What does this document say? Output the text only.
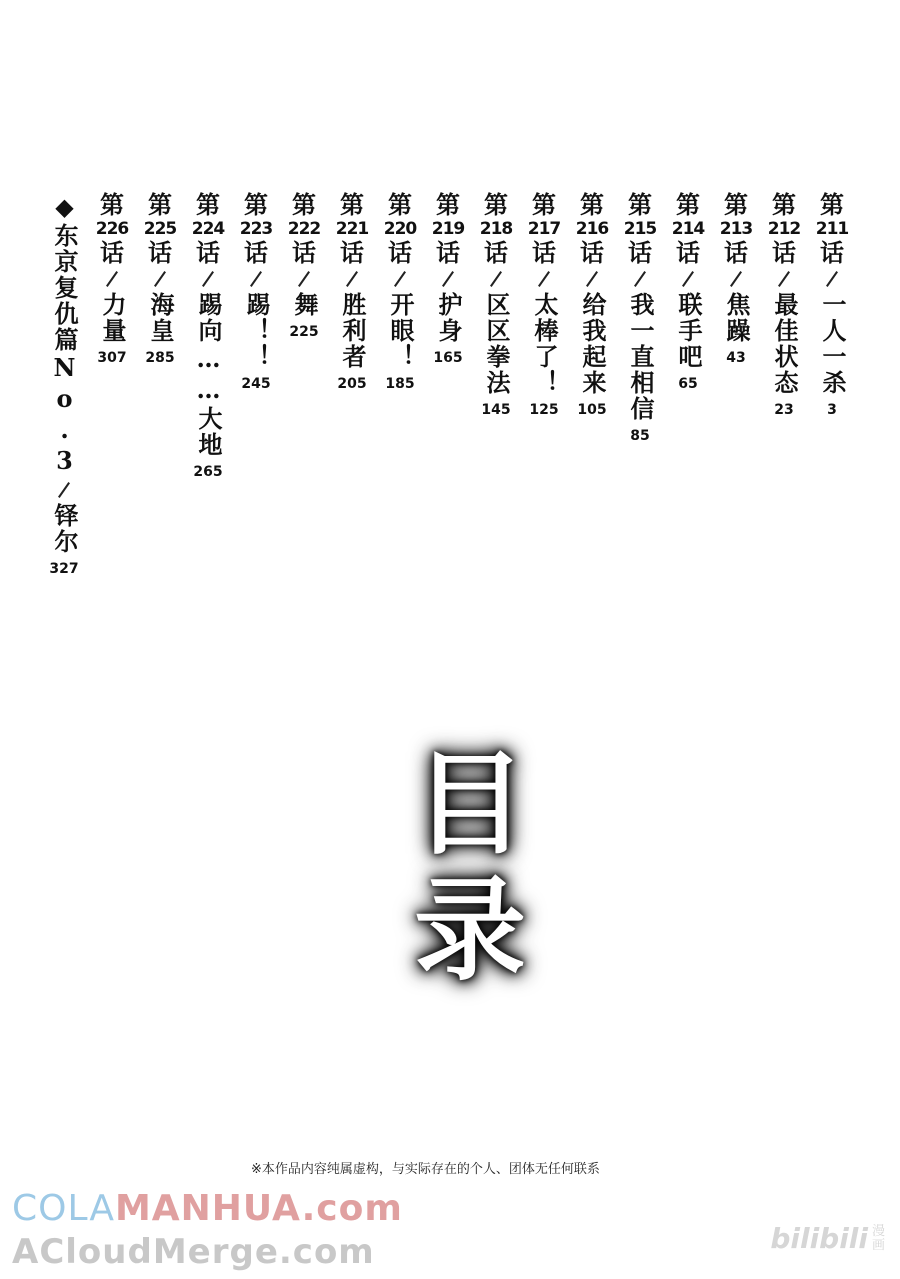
第
211
话
一人一杀
3
第
212
话
最佳状态
23
第
213
话
焦躁
43
第
214
话
联手吧
65
第
215
话
我一直相信
85
第
216
话
给我起来
105
第
217
话
太棒了！
125
第
218
话
区区拳法
145
第
219
话
护身
165
第
220
话
开眼！
185
第
221
话
胜利者
205
第
222
话
舞
225
第
223
话
踢！！
245
第
224
话
踢向……大地
265
第
225
话
海皇
285
第
226
话
力量
307
◆东京复仇篇
No.3
铎尔
327
目
录
※本作品内容纯属虚构，与实际存在的个人、团体无任何联系
COLAMANHUA.com
ACloudMerge.com	bilibili 漫画
